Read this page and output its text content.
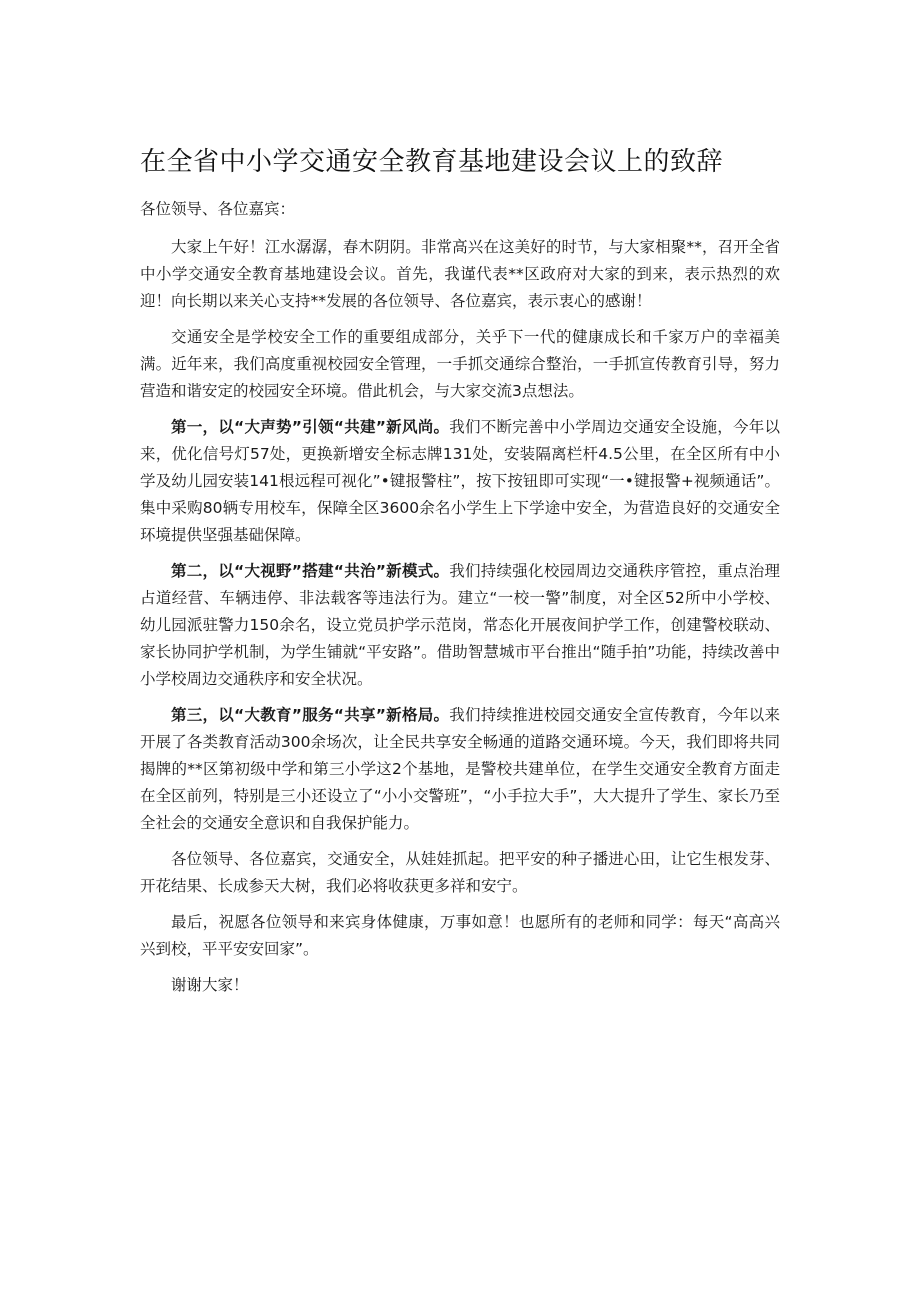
在全省中小学交通安全教育基地建设会议上的致辞

各位领导、各位嘉宾：

大家上午好！江水潺潺，春木阴阴。非常高兴在这美好的时节，与大家相聚**，召开全省中小学交通安全教育基地建设会议。首先，我谨代表**区政府对大家的到来，表示热烈的欢迎！向长期以来关心支持**发展的各位领导、各位嘉宾，表示衷心的感谢！

交通安全是学校安全工作的重要组成部分，关乎下一代的健康成长和千家万户的幸福美满。近年来，我们高度重视校园安全管理，一手抓交通综合整治，一手抓宣传教育引导，努力营造和谐安定的校园安全环境。借此机会，与大家交流3点想法。

第一，以“大声势”引领“共建”新风尚。我们不断完善中小学周边交通安全设施，今年以来，优化信号灯57处，更换新增安全标志牌131处，安装隔离栏杆4.5公里，在全区所有中小学及幼儿园安装141根远程可视化”•键报警柱”，按下按钮即可实现“一•键报警+视频通话”。集中采购80辆专用校车，保障全区3600余名小学生上下学途中安全，为营造良好的交通安全环境提供坚强基础保障。

第二，以“大视野”搭建“共治”新模式。我们持续强化校园周边交通秩序管控，重点治理占道经营、车辆违停、非法载客等违法行为。建立“一校一警”制度，对全区52所中小学校、幼儿园派驻警力150余名，设立党员护学示范岗，常态化开展夜间护学工作，创建警校联动、家长协同护学机制，为学生铺就“平安路”。借助智慧城市平台推出“随手拍”功能，持续改善中小学校周边交通秩序和安全状况。

第三，以“大教育”服务“共享”新格局。我们持续推进校园交通安全宣传教育，今年以来开展了各类教育活动300余场次，让全民共享安全畅通的道路交通环境。今天，我们即将共同揭牌的**区第初级中学和第三小学这2个基地，是警校共建单位，在学生交通安全教育方面走在全区前列，特别是三小还设立了“小小交警班”，“小手拉大手”，大大提升了学生、家长乃至全社会的交通安全意识和自我保护能力。

各位领导、各位嘉宾，交通安全，从娃娃抓起。把平安的种子播进心田，让它生根发芽、开花结果、长成参天大树，我们必将收获更多祥和安宁。

最后，祝愿各位领导和来宾身体健康，万事如意！也愿所有的老师和同学：每天“高高兴兴到校，平平安安回家”。

谢谢大家！
